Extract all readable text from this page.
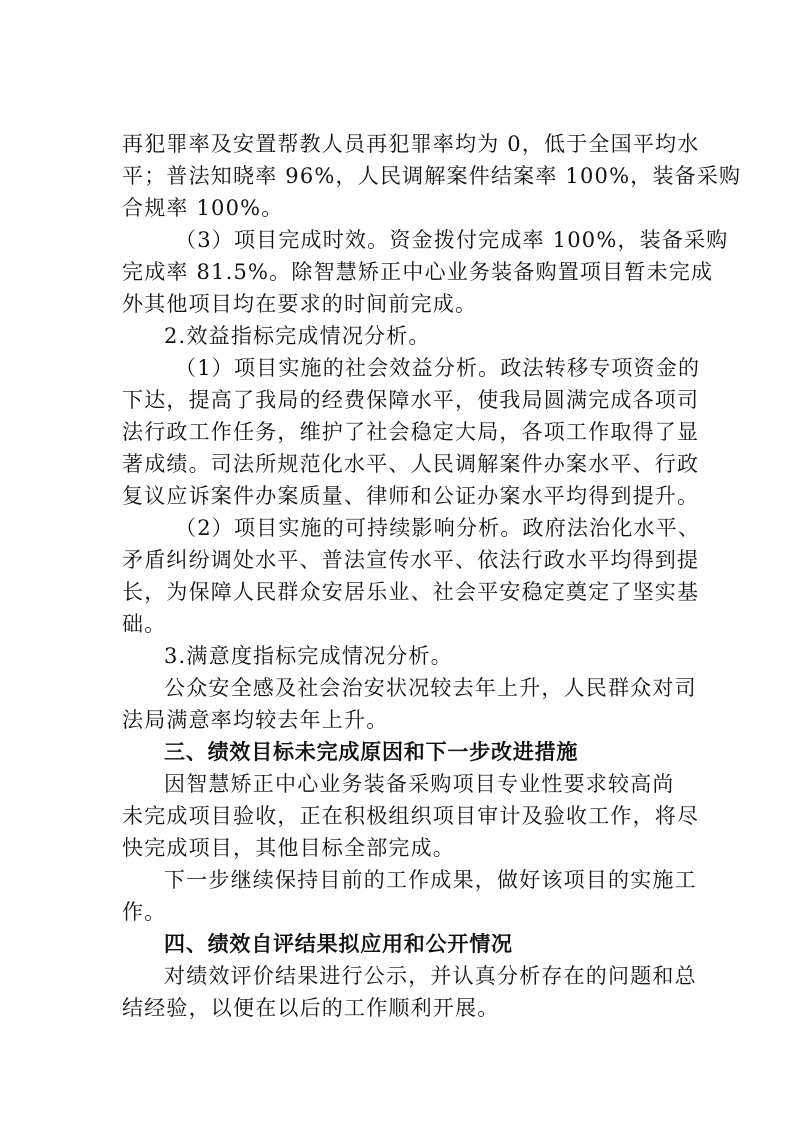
再犯罪率及安置帮教人员再犯罪率均为 0，低于全国平均水
平；普法知晓率 96%，人民调解案件结案率 100%，装备采购
合规率 100%。
（3）项目完成时效。资金拨付完成率 100%，装备采购
完成率 81.5%。除智慧矫正中心业务装备购置项目暂未完成
外其他项目均在要求的时间前完成。
2.效益指标完成情况分析。
（1）项目实施的社会效益分析。政法转移专项资金的
下达，提高了我局的经费保障水平，使我局圆满完成各项司
法行政工作任务，维护了社会稳定大局，各项工作取得了显
著成绩。司法所规范化水平、人民调解案件办案水平、行政
复议应诉案件办案质量、律师和公证办案水平均得到提升。
（2）项目实施的可持续影响分析。政府法治化水平、
矛盾纠纷调处水平、普法宣传水平、依法行政水平均得到提
长，为保障人民群众安居乐业、社会平安稳定奠定了坚实基
础。
3.满意度指标完成情况分析。
公众安全感及社会治安状况较去年上升，人民群众对司
法局满意率均较去年上升。
三、绩效目标未完成原因和下一步改进措施
因智慧矫正中心业务装备采购项目专业性要求较高尚
未完成项目验收，正在积极组织项目审计及验收工作，将尽
快完成项目，其他目标全部完成。
下一步继续保持目前的工作成果，做好该项目的实施工
作。
四、绩效自评结果拟应用和公开情况
对绩效评价结果进行公示，并认真分析存在的问题和总
结经验，以便在以后的工作顺利开展。
